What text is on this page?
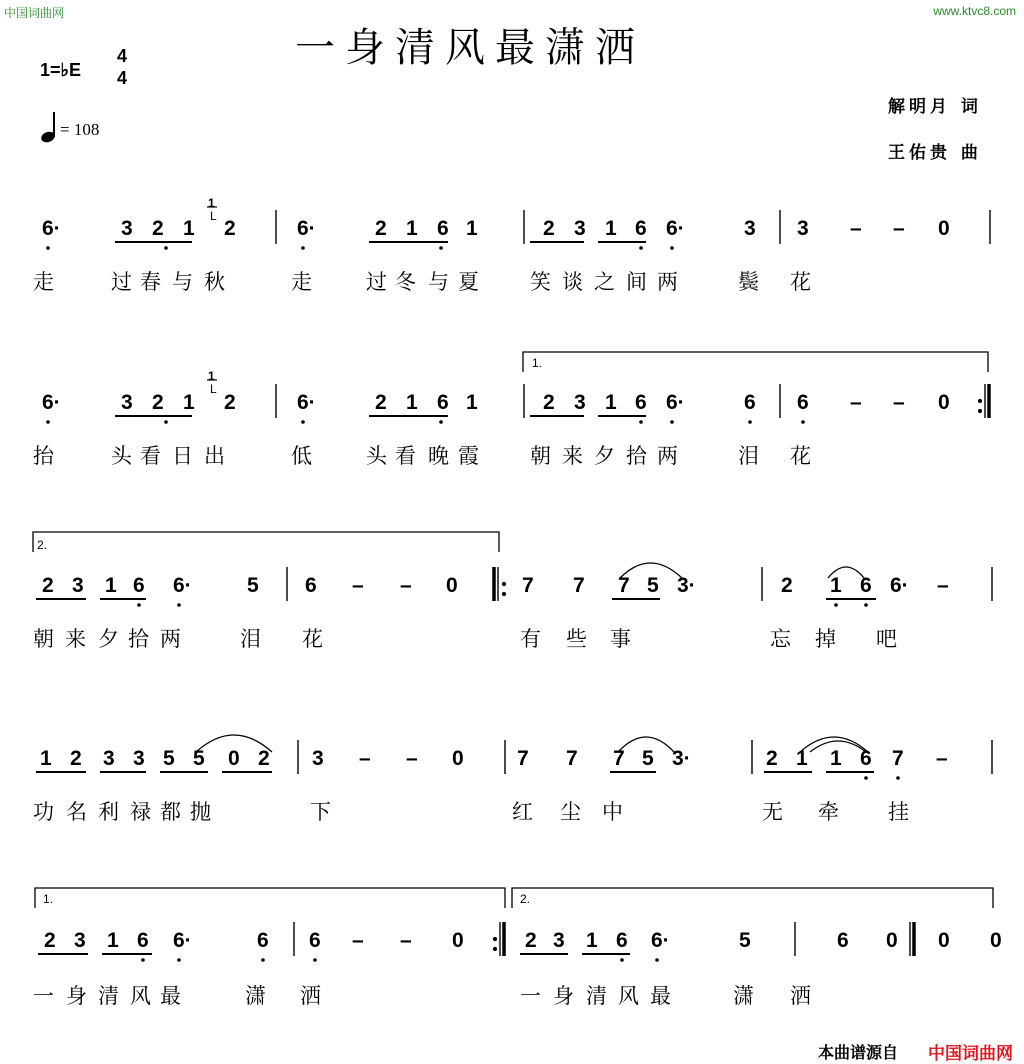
中国词曲网	www.ktvc8.com
一身清风最潇洒
1=♭E
4
4
= 108
解明月 词
王佑贵 曲
6·	3 2 1 2	6·	2 1 6 1	2 3 1 6 6·	3 3 – – 0
走	过 春 与 秋	走	过 冬 与 夏 笑 谈 之 间 两	鬓 花
6·	3 2 1 2	6·	2 1 6 1	2 3 1 6 6·	6 6 – – 0
抬	头 看 日 出	低	头 看 晚 霞 朝 来 夕 拾 两	泪 花
2 3 1 6 6·	5 6 – – 0	7 7 7 5 3·	2 1 6 6· –
朝 来 夕 拾 两	泪 花	有 些 事	忘 掉 吧
1 2 3 3 5 5 0 2 3 – – 0	7 7 7 5 3·	2 1 1 6 7 –
功 名 利 禄 都 抛	下	红 尘 中	无 牵 挂
2 3 1 6 6·	6 6 – – 0	2 3 1 6 6·	5	6 0 0 0
一 身 清 风 最	潇 洒	一 身 清 风 最	潇 洒
1.
2.
1.	2.
1
L
1
L
本曲谱源自 中国词曲网
